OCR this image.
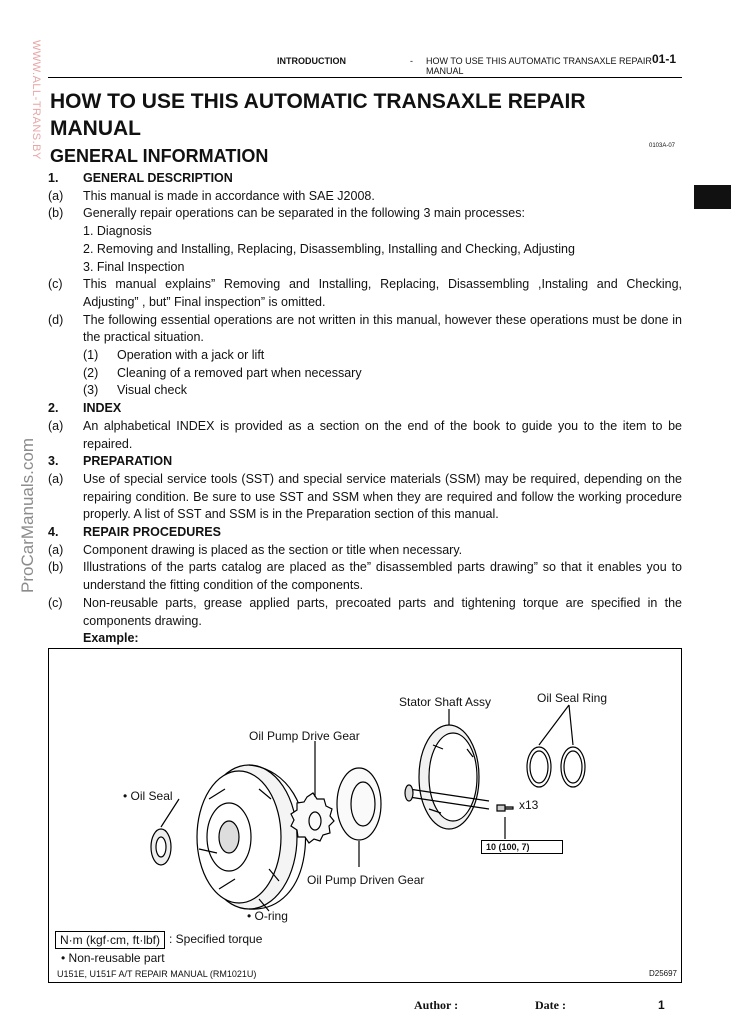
WWW.ALL-TRANS.BY
ProCarManuals.com
INTRODUCTION	- HOW TO USE THIS AUTOMATIC TRANSAXLE REPAIR MANUAL
01-1
HOW TO USE THIS AUTOMATIC TRANSAXLE REPAIR MANUAL
GENERAL INFORMATION	0103A-07
1.	GENERAL DESCRIPTION
(a)	This manual is made in accordance with SAE J2008.
(b)	Generally repair operations can be separated in the following 3 main processes:
1. Diagnosis
2. Removing and Installing, Replacing, Disassembling, Installing and Checking, Adjusting
3. Final Inspection
(c)	This manual explains” Removing and Installing, Replacing, Disassembling ,Instaling and Checking, Adjusting” , but” Final inspection” is omitted.
(d)	The following essential operations are not written in this manual, however these operations must be done in the practical situation.
(1)	Operation with a jack or lift
(2)	Cleaning of a removed part when necessary
(3)	Visual check
2.	INDEX
(a)	An alphabetical INDEX is provided as a section on the end of the book to guide you to the item to be repaired.
3.	PREPARATION
(a)	Use of special service tools (SST) and special service materials (SSM) may be required, depending on the repairing condition. Be sure to use SST and SSM when they are required and follow the working procedure properly. A list of SST and SSM is in the Preparation section of this manual.
4.	REPAIR PROCEDURES
(a)	Component drawing is placed as the section or title when necessary.
(b)	Illustrations of the parts catalog are placed as the” disassembled parts drawing” so that it enables you to understand the fitting condition of the components.
(c)	Non-reusable parts, grease applied parts, precoated parts and tightening torque are specified in the components drawing.
Example:
Stator Shaft Assy	Oil Seal Ring
Oil Pump Drive Gear
• Oil Seal
x13
10 (100, 7)
Oil Pump Driven Gear
• O-ring
N·m (kgf·cm, ft·lbf) : Specified torque
• Non-reusable part
U151E, U151F A/T REPAIR MANUAL (RM1021U)	D25697
Author :	Date :	1
